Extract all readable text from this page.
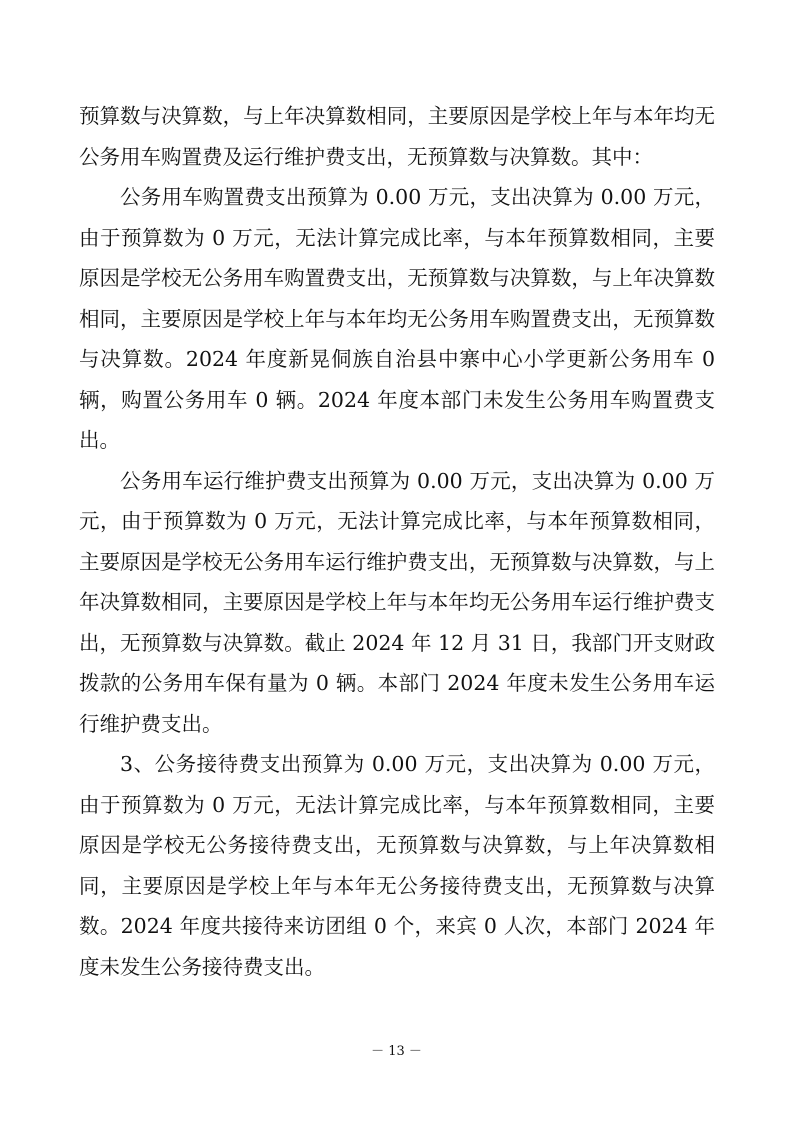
预算数与决算数，与上年决算数相同，主要原因是学校上年与本年均无公务用车购置费及运行维护费支出，无预算数与决算数。其中：

公务用车购置费支出预算为 0.00 万元，支出决算为 0.00 万元，由于预算数为 0 万元，无法计算完成比率，与本年预算数相同，主要原因是学校无公务用车购置费支出，无预算数与决算数，与上年决算数相同，主要原因是学校上年与本年均无公务用车购置费支出，无预算数与决算数。2024 年度新晃侗族自治县中寨中心小学更新公务用车 0 辆，购置公务用车 0 辆。2024 年度本部门未发生公务用车购置费支出。

公务用车运行维护费支出预算为 0.00 万元，支出决算为 0.00 万元，由于预算数为 0 万元，无法计算完成比率，与本年预算数相同，主要原因是学校无公务用车运行维护费支出，无预算数与决算数，与上年决算数相同，主要原因是学校上年与本年均无公务用车运行维护费支出，无预算数与决算数。截止 2024 年 12 月 31 日，我部门开支财政拨款的公务用车保有量为 0 辆。本部门 2024 年度未发生公务用车运行维护费支出。

3、公务接待费支出预算为 0.00 万元，支出决算为 0.00 万元，由于预算数为 0 万元，无法计算完成比率，与本年预算数相同，主要原因是学校无公务接待费支出，无预算数与决算数，与上年决算数相同，主要原因是学校上年与本年无公务接待费支出，无预算数与决算数。2024 年度共接待来访团组 0 个，来宾 0 人次，本部门 2024 年度未发生公务接待费支出。

－ 13 －
